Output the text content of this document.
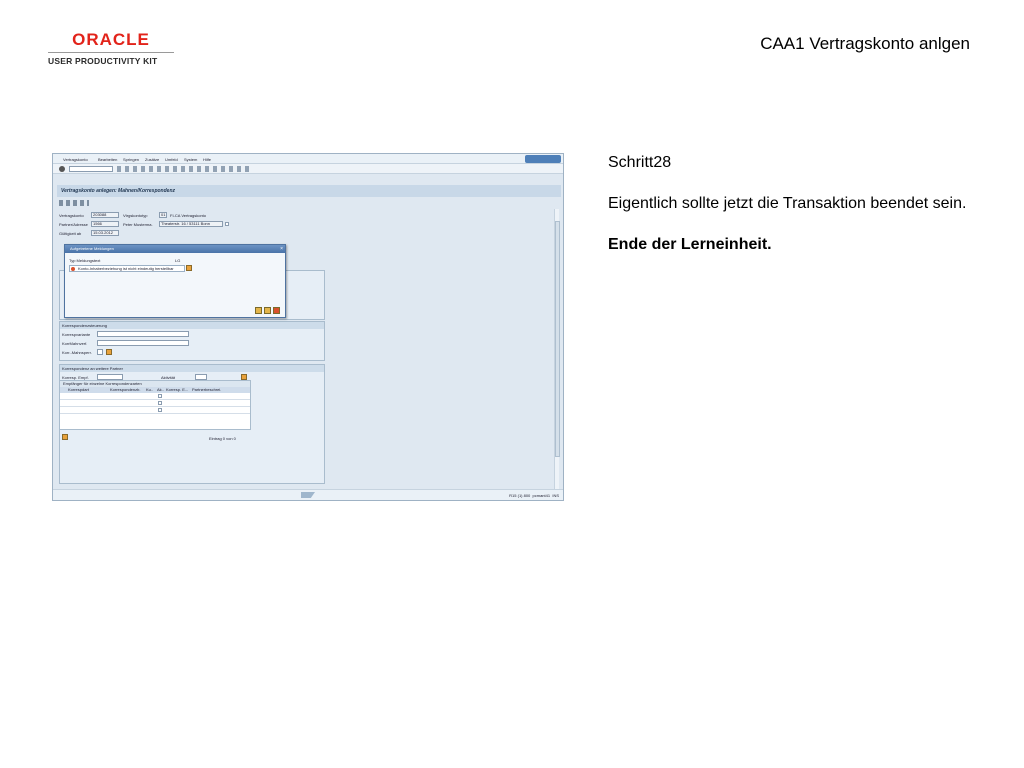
ORACLE
USER PRODUCTIVITY KIT
CAA1 Vertragskonto anlgen

Schritt28

Eigentlich sollte jetzt die Transaktion beendet sein.

Ende der Lerneinheit.

Vertragskonto	Bearbeiten Springen Zusätze Umfeld System Hilfe
Vertragskonto anlegen: Mahnen/Korrespondenz
Vertragskonto	203088	Vtrgskontotyp	01	FI-CA Vertragskonto
Partner/Adresse	1566	Peter Musterma.	Theaterstr. 16 / 53111 Bonn
Gültigkeit ab	15.03.2012
Korrespondenzsteuerung
Korrespvariante
KorrMahnverf.
Korr.-Mahnsperr.
Korrespondenz an weitere Partner
Korresp. Empf.	Aktivität
Empfänger für einzelne Korrespondenzarten
Korrespdart	Korrespondenzb. Ku.. Ak.. Korresp. E... Partnerbeschrei.
Eintrag 0 von 0
R15 (1) 800 pcmant41 INS
Aufgetretene Meldungen	×
Typ Meldungstext	LG
Konto-Inhaberbeziehung ist nicht eindeutig herstellbar
